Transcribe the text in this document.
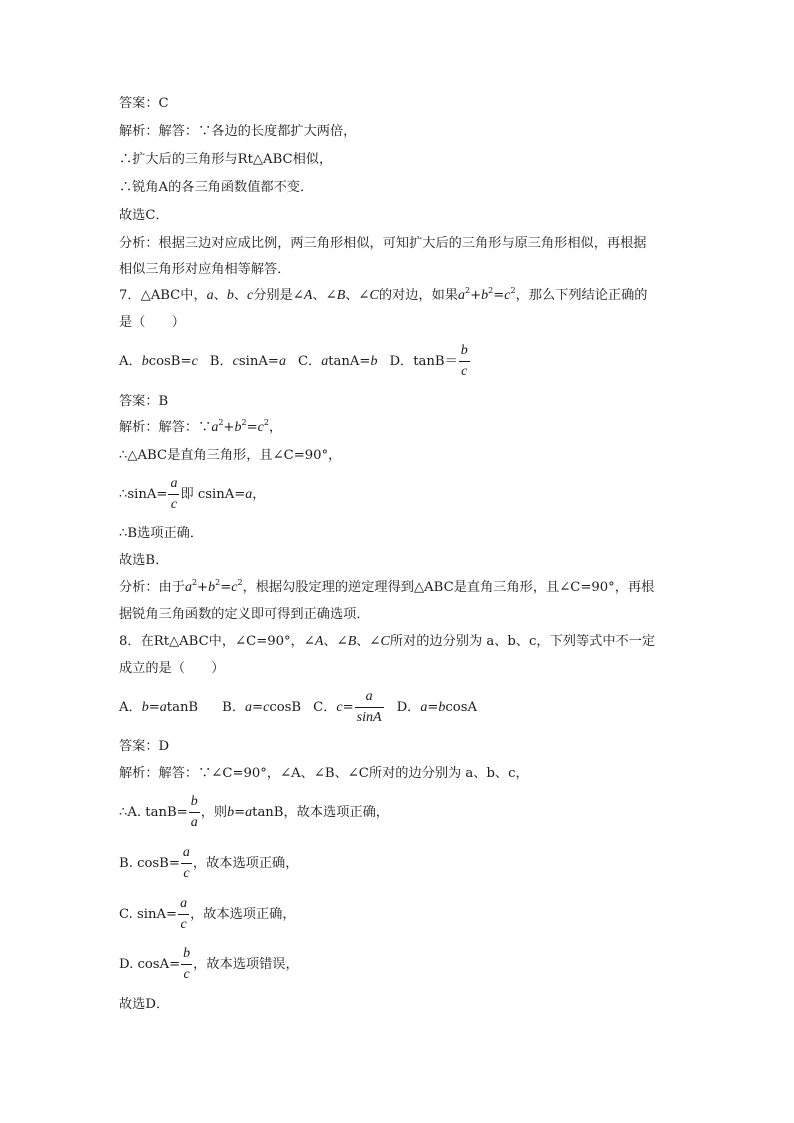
答案：C
解析：解答：∵各边的长度都扩大两倍，
∴扩大后的三角形与Rt△ABC相似，
∴锐角A的各三角函数值都不变．
故选C．
分析：根据三边对应成比例，两三角形相似，可知扩大后的三角形与原三角形相似，再根据
相似三角形对应角相等解答．
7．△ABC中，a、b、c分别是∠A、∠B、∠C的对边，如果$a^2+b^2=c^2$，那么下列结论正确的
是（　　）
A．bcosB=c B．csinA=a C．atanA=b D．$\tan B= \frac{b}{c}$
答案：B
解析：解答：$\because a^2+b^2=c^2$，
∴△ABC是直角三角形，且∠C=90°，
∴sinA= $\frac{a}{c}$ 即 csinA=a，
∴B选项正确．
故选B．
分析：由于$a^2+b^2=c^2$，根据勾股定理的逆定理得到△ABC是直角三角形，且∠C=90°，再根
据锐角三角函数的定义即可得到正确选项．
8．在Rt△ABC中，∠C=90°，∠A、∠B、∠C所对的边分别为 a、b、c，下列等式中不一定
成立的是（　　）
A．b=atanB B．a=ccosB C．$c= \frac{a}{\sin A}$ D．a=bcosA
答案：D
解析：解答：∵∠C=90°，∠A、∠B、∠C所对的边分别为 a、b、c，
∴A. $\tan B= \frac{b}{a}$ ，则b=atanB，故本选项正确，
B. $\cos B= \frac{a}{c}$ ，故本选项正确，
C. $\sin A= \frac{a}{c}$ ，故本选项正确，
D. $\cos A= \frac{b}{c}$ ，故本选项错误，
故选D．
